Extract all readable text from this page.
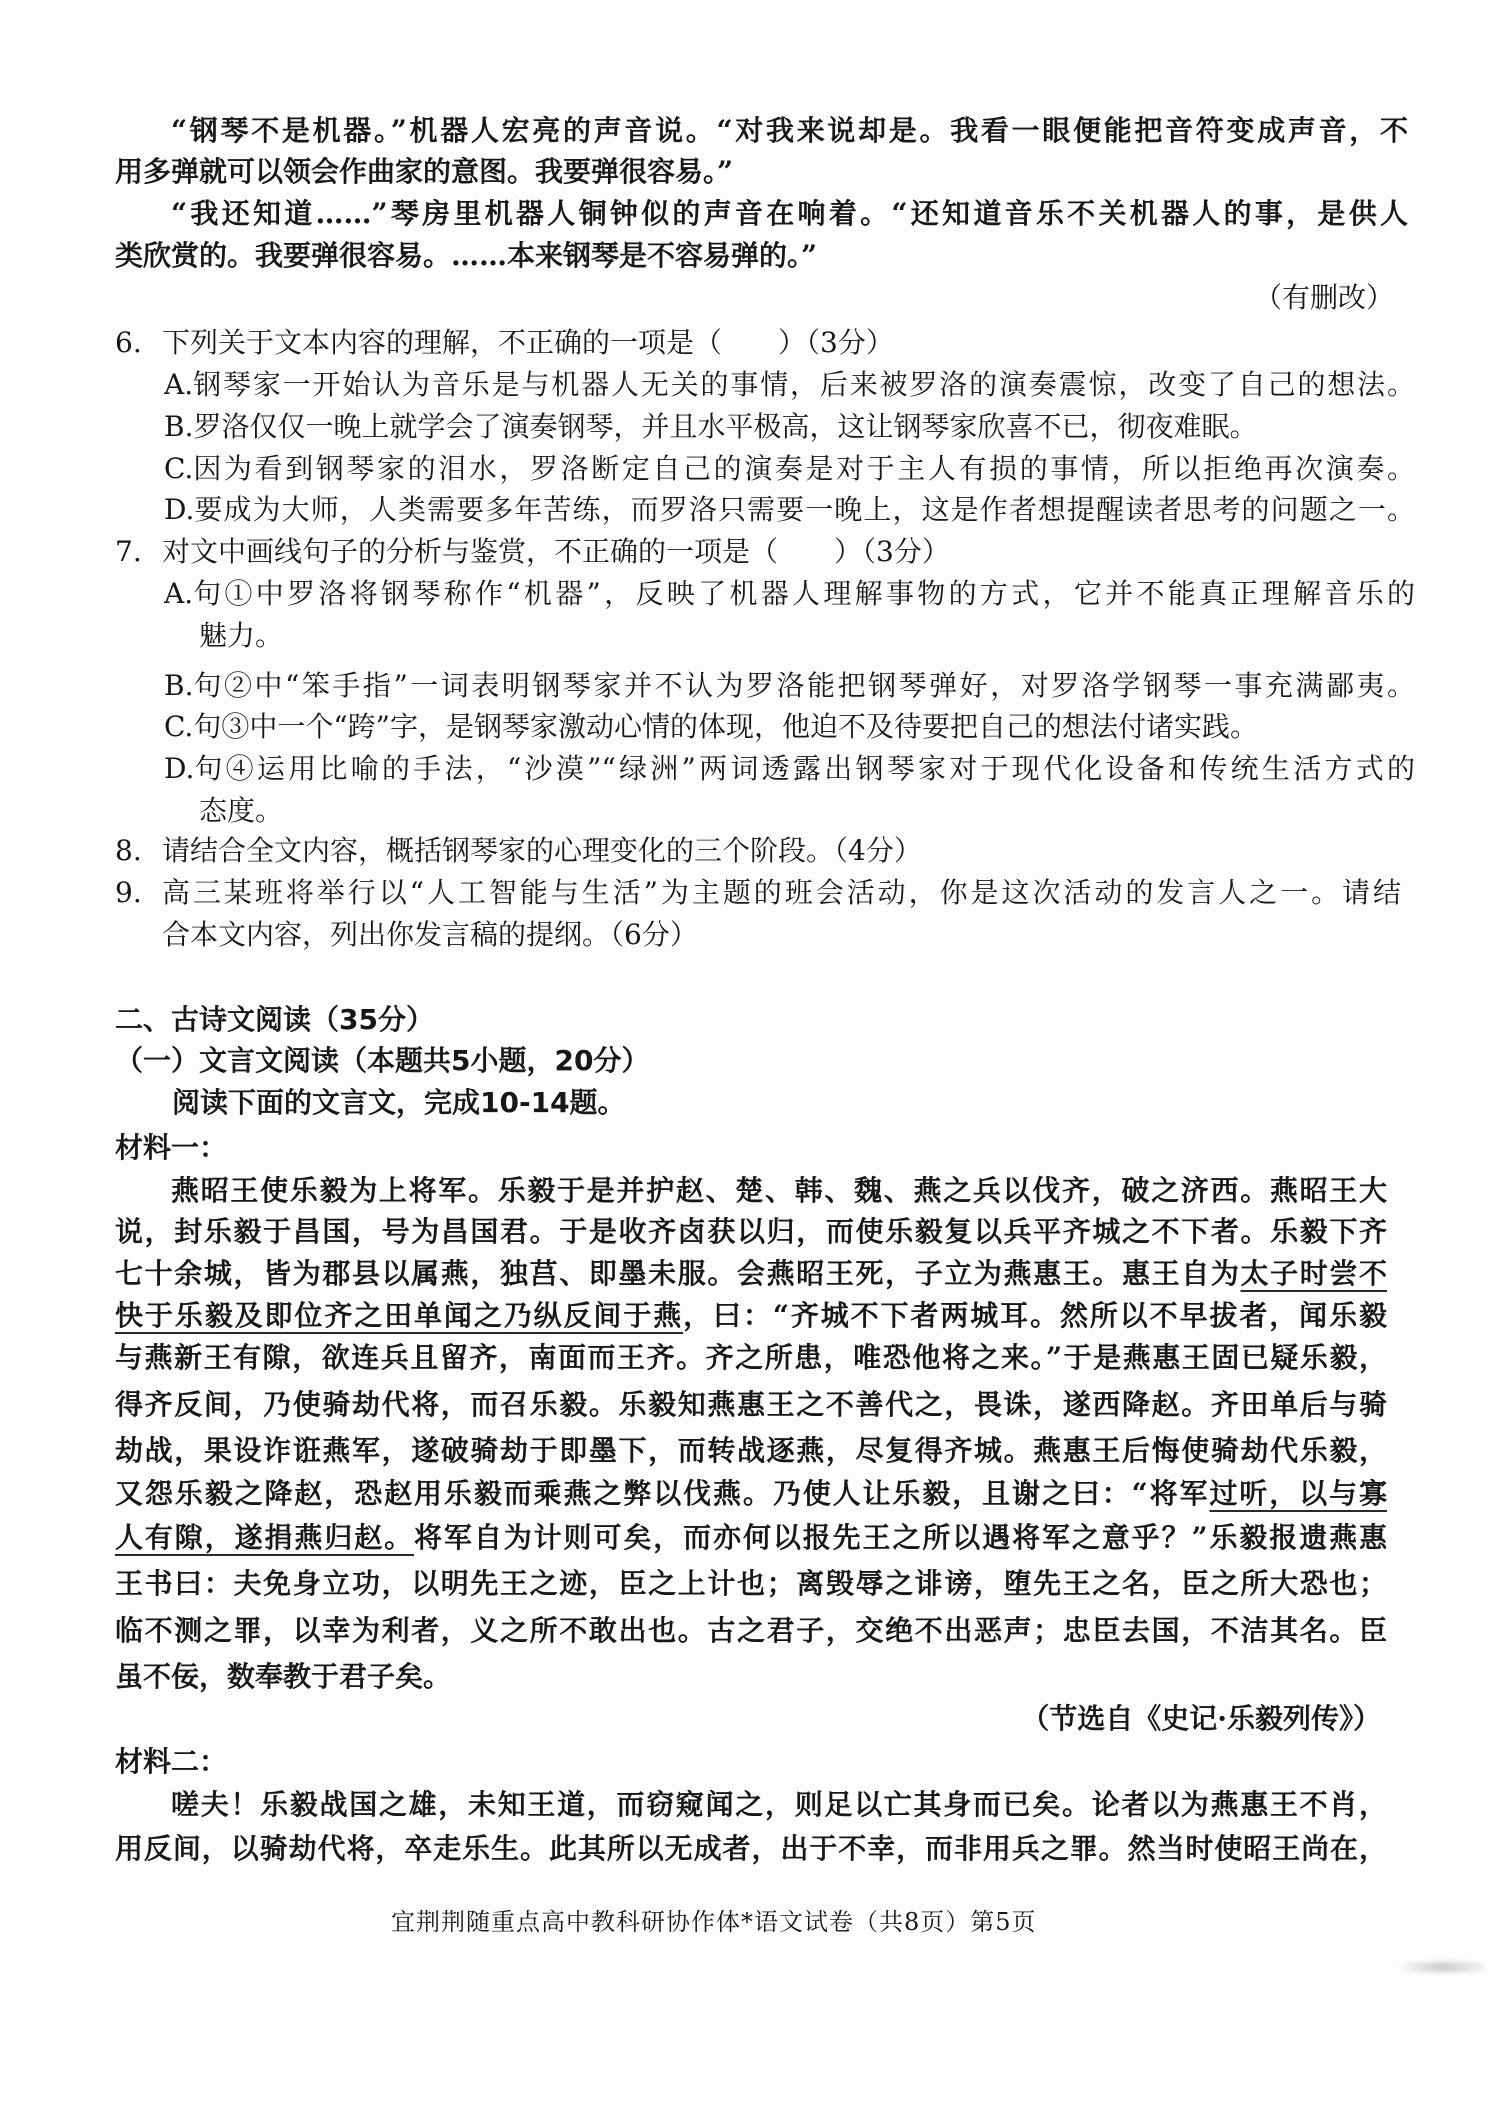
“钢琴不是机器。”机器人宏亮的声音说。“对我来说却是。我看一眼便能把音符变成声音，不
用多弹就可以领会作曲家的意图。我要弹很容易。”
“我还知道……”琴房里机器人铜钟似的声音在响着。“还知道音乐不关机器人的事，是供人
类欣赏的。我要弹很容易。……本来钢琴是不容易弹的。”
（有删改）
6. 下列关于文本内容的理解，不正确的一项是（　　）（3分）
A. 钢琴家一开始认为音乐是与机器人无关的事情，后来被罗洛的演奏震惊，改变了自己的想法。
B. 罗洛仅仅一晚上就学会了演奏钢琴，并且水平极高，这让钢琴家欣喜不已，彻夜难眠。
C. 因为看到钢琴家的泪水，罗洛断定自己的演奏是对于主人有损的事情，所以拒绝再次演奏。
D. 要成为大师，人类需要多年苦练，而罗洛只需要一晚上，这是作者想提醒读者思考的问题之一。
7. 对文中画线句子的分析与鉴赏，不正确的一项是（　　）（3分）
A. 句①中罗洛将钢琴称作“机器”，反映了机器人理解事物的方式，它并不能真正理解音乐的
魅力。
B. 句②中“笨手指”一词表明钢琴家并不认为罗洛能把钢琴弹好，对罗洛学钢琴一事充满鄙夷。
C. 句③中一个“跨”字，是钢琴家激动心情的体现，他迫不及待要把自己的想法付诸实践。
D. 句④运用比喻的手法，“沙漠”“绿洲”两词透露出钢琴家对于现代化设备和传统生活方式的
态度。
8. 请结合全文内容，概括钢琴家的心理变化的三个阶段。（4分）
9. 高三某班将举行以“人工智能与生活”为主题的班会活动，你是这次活动的发言人之一。请结
合本文内容，列出你发言稿的提纲。（6分）
二、古诗文阅读（35分）
（一）文言文阅读（本题共5小题，20分）
阅读下面的文言文，完成10-14题。
材料一：
燕昭王使乐毅为上将军。乐毅于是并护赵、楚、韩、魏、燕之兵以伐齐，破之济西。燕昭王大
说，封乐毅于昌国，号为昌国君。于是收齐卤获以归，而使乐毅复以兵平齐城之不下者。乐毅下齐
七十余城，皆为郡县以属燕，独莒、即墨未服。会燕昭王死，子立为燕惠王。惠王自为太子时尝不
快于乐毅及即位齐之田单闻之乃纵反间于燕，曰：“齐城不下者两城耳。然所以不早拔者，闻乐毅
与燕新王有隙，欲连兵且留齐，南面而王齐。齐之所患，唯恐他将之来。”于是燕惠王固已疑乐毅，
得齐反间，乃使骑劫代将，而召乐毅。乐毅知燕惠王之不善代之，畏诛，遂西降赵。齐田单后与骑
劫战，果设诈诳燕军，遂破骑劫于即墨下，而转战逐燕，尽复得齐城。燕惠王后悔使骑劫代乐毅，
又怨乐毅之降赵，恐赵用乐毅而乘燕之弊以伐燕。乃使人让乐毅，且谢之曰：“将军过听，以与寡
人有隙，遂捐燕归赵。将军自为计则可矣，而亦何以报先王之所以遇将军之意乎？”乐毅报遗燕惠
王书曰：夫免身立功，以明先王之迹，臣之上计也；离毁辱之诽谤，堕先王之名，臣之所大恐也；
临不测之罪，以幸为利者，义之所不敢出也。古之君子，交绝不出恶声；忠臣去国，不洁其名。臣
虽不佞，数奉教于君子矣。
（节选自《史记·乐毅列传》）
材料二：
嗟夫！乐毅战国之雄，未知王道，而窃窥闻之，则足以亡其身而已矣。论者以为燕惠王不肖，
用反间，以骑劫代将，卒走乐生。此其所以无成者，出于不幸，而非用兵之罪。然当时使昭王尚在，
宜荆荆随重点高中教科研协作体*语文试卷（共8页）第5页
